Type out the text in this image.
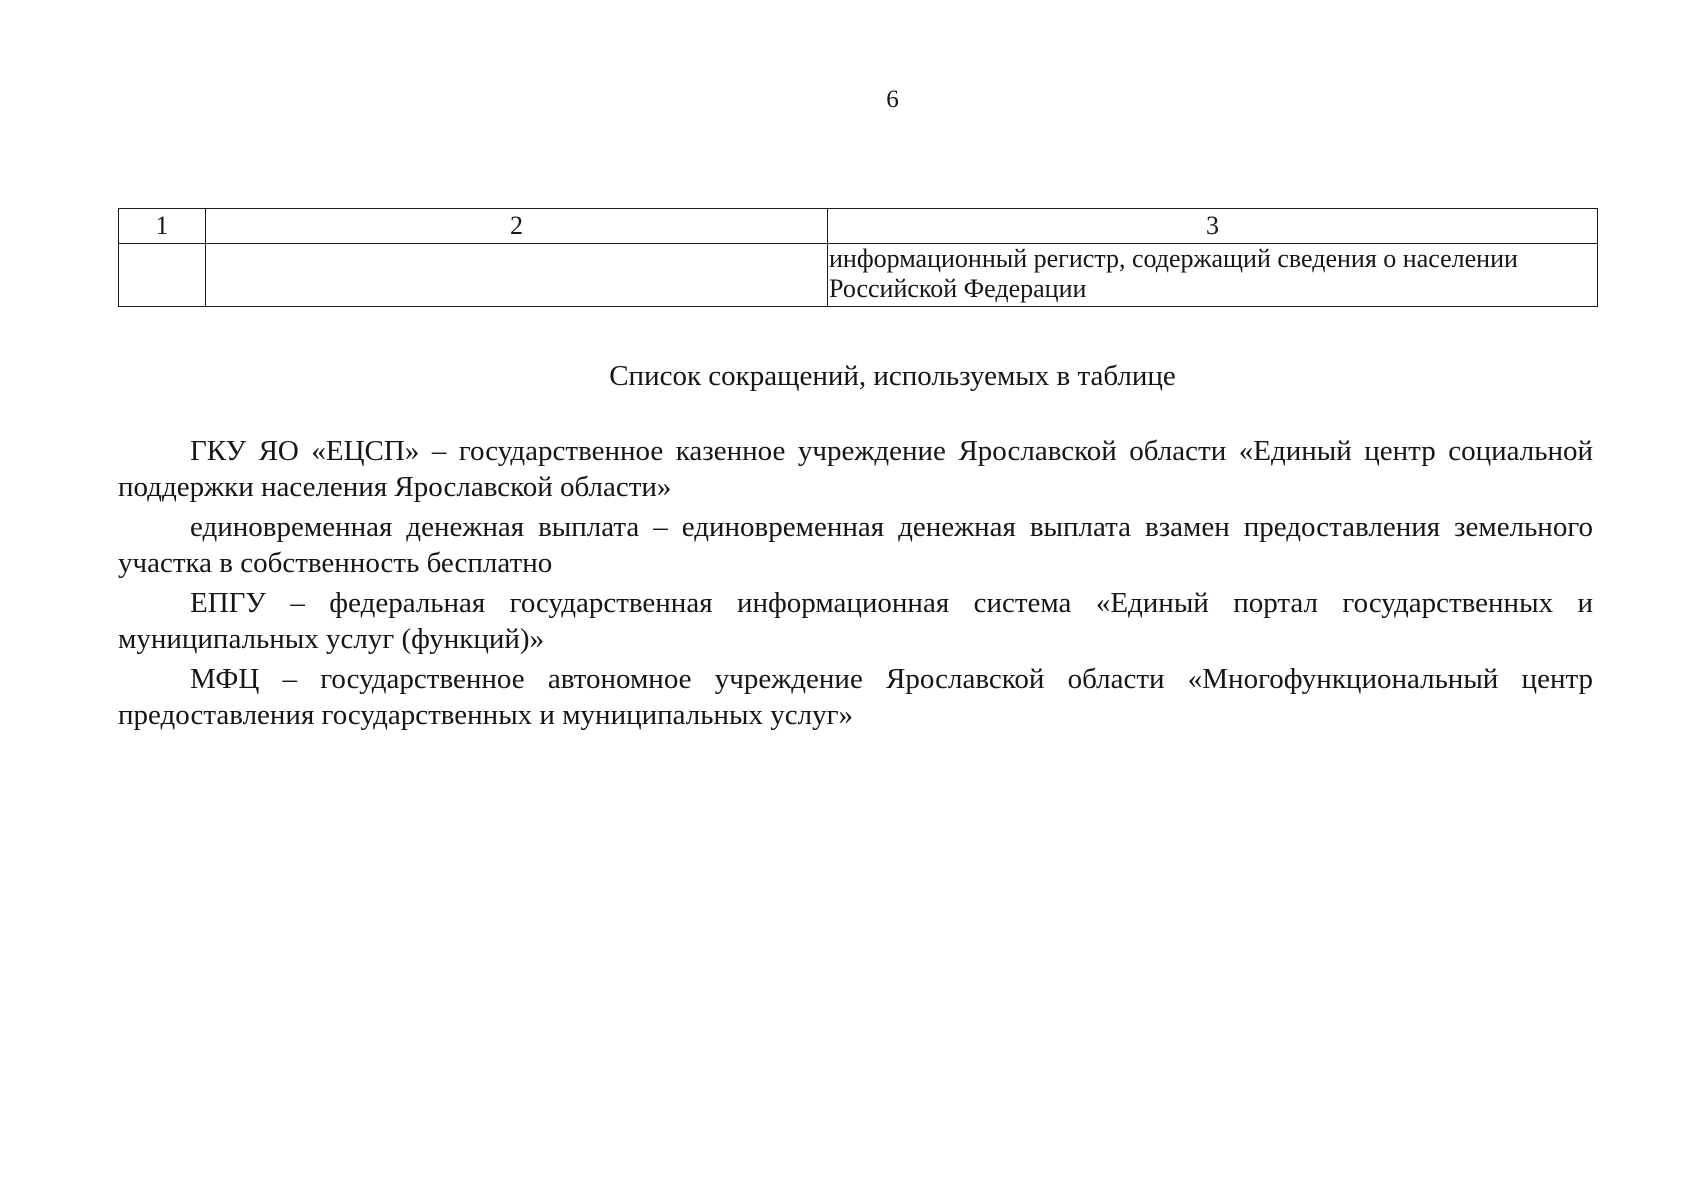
6
1	2	3
		информационный регистр, содержащий сведения о населении Российской Федерации
Список сокращений, используемых в таблице

ГКУ ЯО «ЕЦСП» – государственное казенное учреждение Ярославской области «Единый центр социальной поддержки населения Ярославской области»

единовременная денежная выплата – единовременная денежная выплата взамен предоставления земельного участка в собственность бесплатно

ЕПГУ – федеральная государственная информационная система «Единый портал государственных и муниципальных услуг (функций)»

МФЦ – государственное автономное учреждение Ярославской области «Многофункциональный центр предоставления государственных и муниципальных услуг»
